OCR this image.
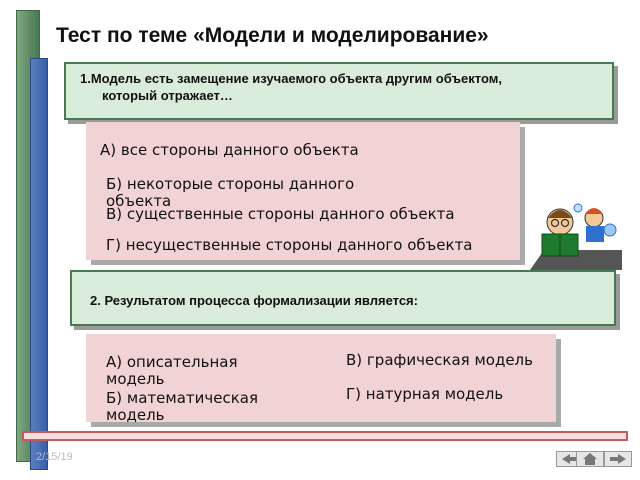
Тест по теме «Модели и моделирование»
1.Модель есть замещение изучаемого объекта другим объектом,
который отражает…
А) все стороны данного объекта
Б) некоторые стороны данного объекта
В) существенные стороны данного объекта
Г) несущественные стороны данного объекта
2. Результатом процесса формализации является:
А) описательная модель
Б) математическая модель
В) графическая модель
Г) натурная модель
2/15/19
